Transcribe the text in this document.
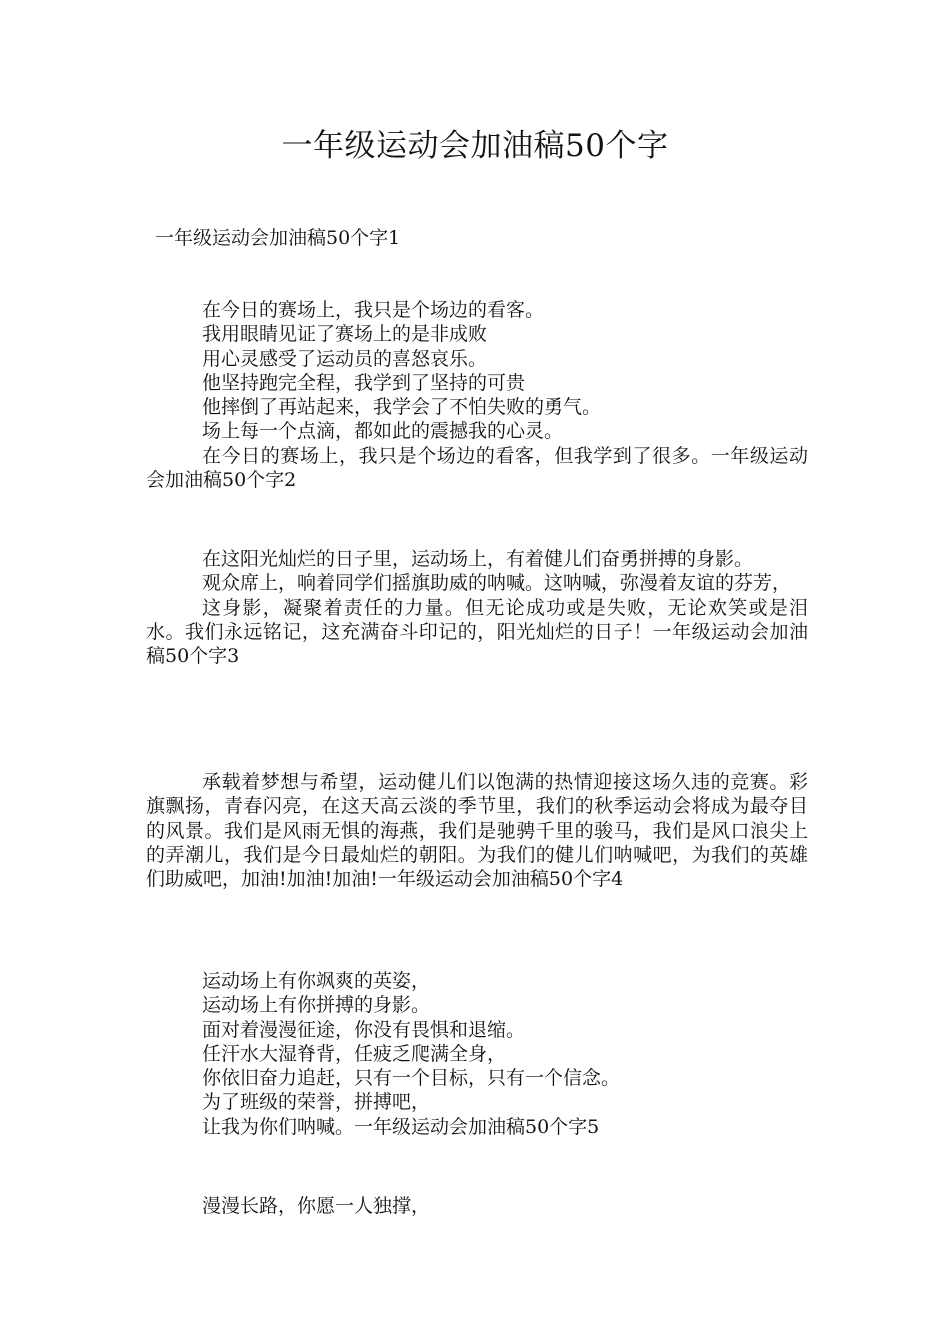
一年级运动会加油稿50个字
一年级运动会加油稿50个字1
在今日的赛场上，我只是个场边的看客。
我用眼睛见证了赛场上的是非成败
用心灵感受了运动员的喜怒哀乐。
他坚持跑完全程，我学到了坚持的可贵
他摔倒了再站起来，我学会了不怕失败的勇气。
场上每一个点滴，都如此的震撼我的心灵。

在今日的赛场上，我只是个场边的看客，但我学到了很多。一年级运动会加油稿50个字2

在这阳光灿烂的日子里，运动场上，有着健儿们奋勇拼搏的身影。

观众席上，响着同学们摇旗助威的呐喊。这呐喊，弥漫着友谊的芬芳，

这身影，凝聚着责任的力量。但无论成功或是失败，无论欢笑或是泪水。我们永远铭记，这充满奋斗印记的，阳光灿烂的日子！一年级运动会加油稿50个字3

承载着梦想与希望，运动健儿们以饱满的热情迎接这场久违的竞赛。彩旗飘扬，青春闪亮，在这天高云淡的季节里，我们的秋季运动会将成为最夺目的风景。我们是风雨无惧的海燕，我们是驰骋千里的骏马，我们是风口浪尖上的弄潮儿，我们是今日最灿烂的朝阳。为我们的健儿们呐喊吧，为我们的英雄们助威吧，加油!加油!加油!一年级运动会加油稿50个字4

运动场上有你飒爽的英姿，
运动场上有你拼搏的身影。
面对着漫漫征途，你没有畏惧和退缩。
任汗水大湿脊背，任疲乏爬满全身，
你依旧奋力追赶，只有一个目标，只有一个信念。
为了班级的荣誉，拼搏吧，
让我为你们呐喊。一年级运动会加油稿50个字5
漫漫长路，你愿一人独撑，
